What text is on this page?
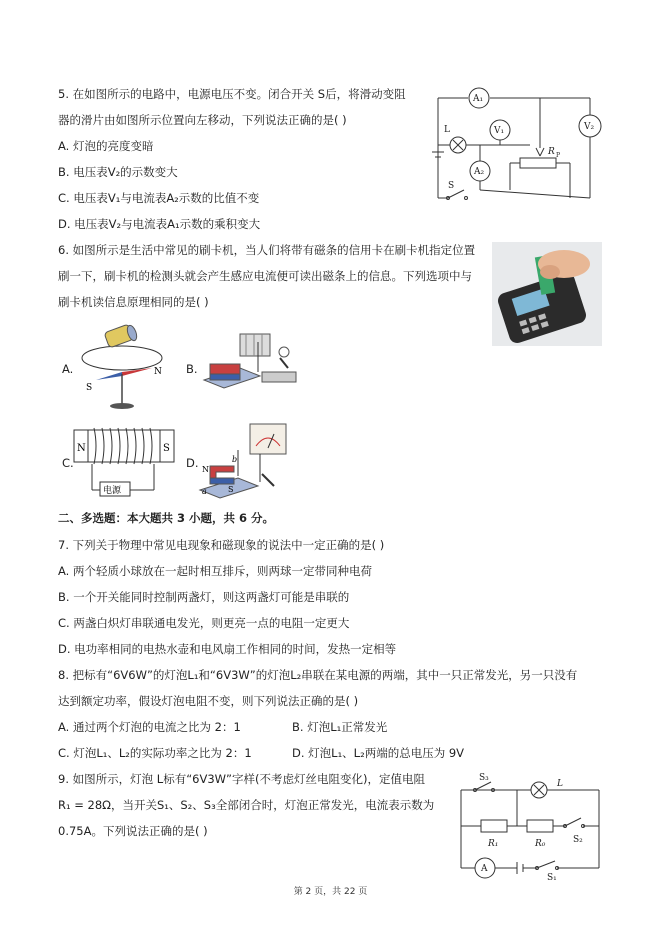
5. 在如图所示的电路中，电源电压不变。闭合开关 S后，将滑动变阻
器的滑片由如图所示位置向左移动，下列说法正确的是( )
A. 灯泡的亮度变暗
B. 电压表V₂的示数变大
C. 电压表V₁与电流表A₂示数的比值不变
D. 电压表V₂与电流表A₁示数的乘积变大
A₁
V₂
V₁
A₂
L
S
R P
6. 如图所示是生活中常见的刷卡机，当人们将带有磁条的信用卡在刷卡机指定位置
刷一下，刷卡机的检测头就会产生感应电流便可读出磁条上的信息。下列选项中与
刷卡机读信息原理相同的是( )
A.
S
N B.
C.
N	S
电源
D.
a
b
N
S
二、多选题：本大题共 3 小题，共 6 分。
7. 下列关于物理中常见电现象和磁现象的说法中一定正确的是( )
A. 两个轻质小球放在一起时相互排斥，则两球一定带同种电荷
B. 一个开关能同时控制两盏灯，则这两盏灯可能是串联的
C. 两盏白炽灯串联通电发光，则更亮一点的电阻一定更大
D. 电功率相同的电热水壶和电风扇工作相同的时间，发热一定相等
8. 把标有“6V6W”的灯泡L₁和“6V3W”的灯泡L₂串联在某电源的两端，其中一只正常发光，另一只没有
达到额定功率，假设灯泡电阻不变，则下列说法正确的是( )
A. 通过两个灯泡的电流之比为 2：1	B. 灯泡L₁正常发光
C. 灯泡L₁、L₂的实际功率之比为 2：1	D. 灯泡L₁、L₂两端的总电压为 9V
9. 如图所示，灯泡 L标有“6V3W”字样(不考虑灯丝电阻变化)，定值电阻
R₁ = 28Ω，当开关S₁、S₂、S₃全部闭合时，灯泡正常发光，电流表示数为
0.75A。下列说法正确的是( )
S₃
L
R₁	R₀	S₂
A
S₁
第 2 页，共 22 页
